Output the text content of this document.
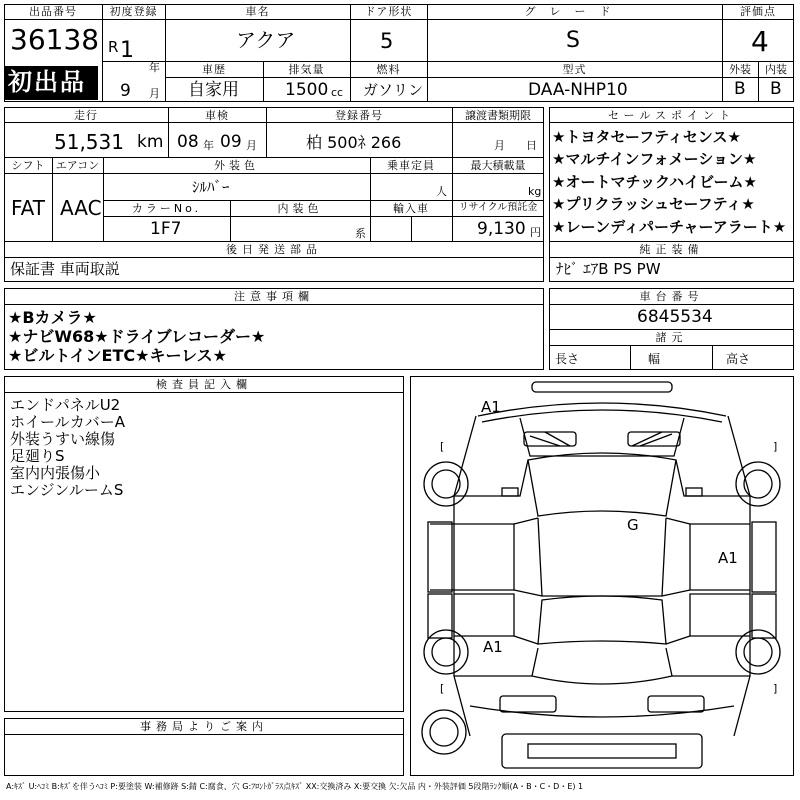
出品番号
36138
初出品
初度登録
R 1
年
9 月
車名
アクア
ドア形状
5
グレード
S
評価点
4
外装	内装
B B
車歴
自家用
排気量
1500 cc
燃料
ガソリン
型式
DAA-NHP10
走行
51,531 km
車検
08 年 09 月
登録番号
柏 500ﾈ 266
譲渡書類期限
月 日
シフト
FAT
エアコン
AAC
外装色
ｼﾙﾊﾞｰ
乗車定員
人
最大積載量
kg
カラーNo.
1F7
内装色
系
輸入車	リサイクル預託金
9,130 円
後日発送部品
保証書 車両取説
セールスポイント
★トヨタセーフティセンス★
★マルチインフォメーション★
★オートマチックハイビーム★
★プリクラッシュセーフティ★
★レーンディパーチャーアラート★
純正装備
ﾅﾋﾞ ｴｱB PS PW
注意事項欄
★Bカメラ★
★ナビW68★ドライブレコーダー★
★ビルトインETC★キーレス★
車台番号
6845534
諸元
長さ	幅	高さ
検査員記入欄
エンドパネルU2
ホイールカバーA
外装うすい線傷
足廻りS
室内内張傷小
エンジンルームS
事務局よりご案内
A1
G
A1
A1
[	]
[	]
A:ｷｽﾞ U:ﾍｺﾐ B:ｷｽﾞを伴うﾍｺﾐ P:要塗装 W:補修跡 S:錆 C:腐食、穴 G:ﾌﾛﾝﾄｶﾞﾗｽ点ｷｽﾞ XX:交換済み X:要交換 欠:欠品 内・外装評価 5段階ﾗﾝｸ順(A・B・C・D・E) 1
